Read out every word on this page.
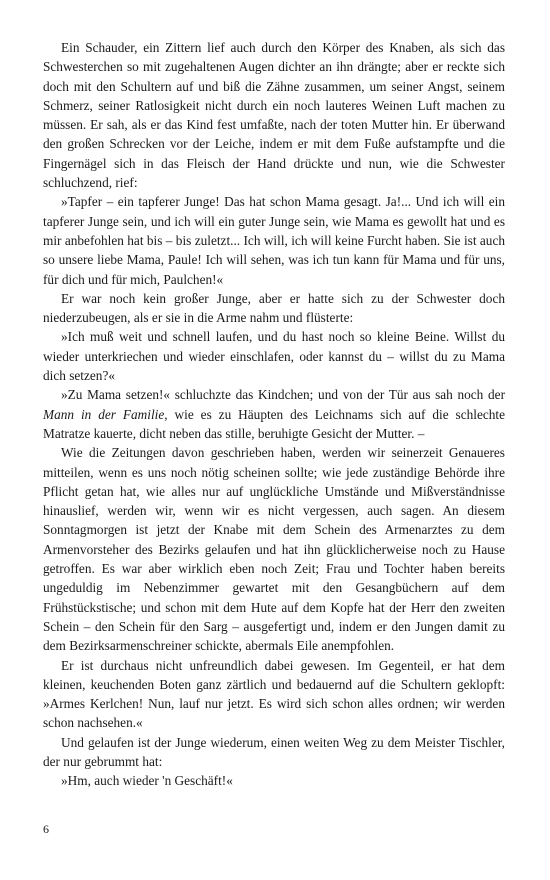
Ein Schauder, ein Zittern lief auch durch den Körper des Knaben, als sich das Schwesterchen so mit zugehaltenen Augen dichter an ihn drängte; aber er reckte sich doch mit den Schultern auf und biß die Zähne zusammen, um seiner Angst, seinem Schmerz, seiner Ratlosigkeit nicht durch ein noch lauteres Weinen Luft machen zu müssen. Er sah, als er das Kind fest umfaßte, nach der toten Mutter hin. Er überwand den großen Schrecken vor der Leiche, indem er mit dem Fuße aufstampfte und die Fingernägel sich in das Fleisch der Hand drückte und nun, wie die Schwester schluchzend, rief:

»Tapfer – ein tapferer Junge! Das hat schon Mama gesagt. Ja!... Und ich will ein tapferer Junge sein, und ich will ein guter Junge sein, wie Mama es gewollt hat und es mir anbefohlen hat bis – bis zuletzt... Ich will, ich will keine Furcht haben. Sie ist auch so unsere liebe Mama, Paule! Ich will sehen, was ich tun kann für Mama und für uns, für dich und für mich, Paulchen!«

Er war noch kein großer Junge, aber er hatte sich zu der Schwester doch niederzubeugen, als er sie in die Arme nahm und flüsterte:

»Ich muß weit und schnell laufen, und du hast noch so kleine Beine. Willst du wieder unterkriechen und wieder einschlafen, oder kannst du – willst du zu Mama dich setzen?«

»Zu Mama setzen!« schluchzte das Kindchen; und von der Tür aus sah noch der Mann in der Familie, wie es zu Häupten des Leichnams sich auf die schlechte Matratze kauerte, dicht neben das stille, beruhigte Gesicht der Mutter. –

Wie die Zeitungen davon geschrieben haben, werden wir seinerzeit Genaueres mitteilen, wenn es uns noch nötig scheinen sollte; wie jede zuständige Behörde ihre Pflicht getan hat, wie alles nur auf unglückliche Umstände und Mißverständnisse hinauslief, werden wir, wenn wir es nicht vergessen, auch sagen. An diesem Sonntagmorgen ist jetzt der Knabe mit dem Schein des Armenarztes zu dem Armenvorsteher des Bezirks gelaufen und hat ihn glücklicherweise noch zu Hause getroffen. Es war aber wirklich eben noch Zeit; Frau und Tochter haben bereits ungeduldig im Nebenzimmer gewartet mit den Gesangbüchern auf dem Frühstückstische; und schon mit dem Hute auf dem Kopfe hat der Herr den zweiten Schein – den Schein für den Sarg – ausgefertigt und, indem er den Jungen damit zu dem Bezirksarmenschreiner schickte, abermals Eile anempfohlen.

Er ist durchaus nicht unfreundlich dabei gewesen. Im Gegenteil, er hat dem kleinen, keuchenden Boten ganz zärtlich und bedauernd auf die Schultern geklopft: »Armes Kerlchen! Nun, lauf nur jetzt. Es wird sich schon alles ordnen; wir werden schon nachsehen.«

Und gelaufen ist der Junge wiederum, einen weiten Weg zu dem Meister Tischler, der nur gebrummt hat:

»Hm, auch wieder 'n Geschäft!«

6
